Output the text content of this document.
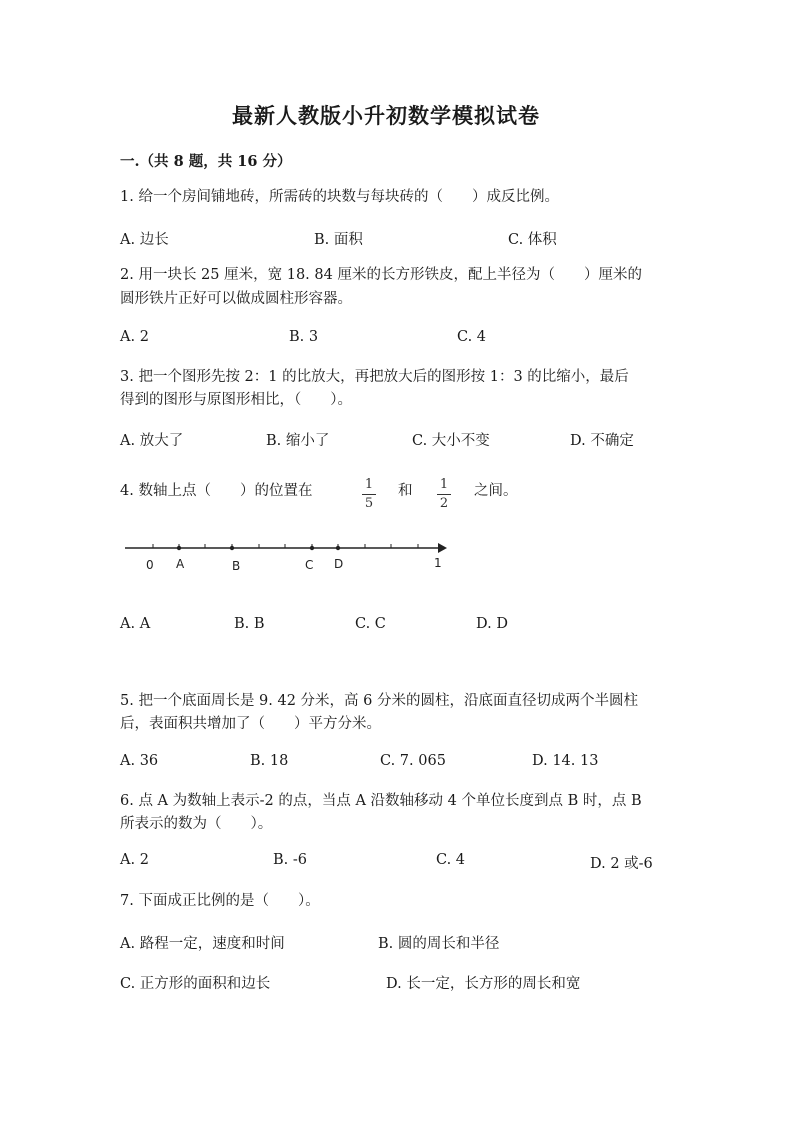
最新人教版小升初数学模拟试卷
一.（共 8 题，共 16 分）
1. 给一个房间铺地砖，所需砖的块数与每块砖的（　　）成反比例。
A. 边长	B. 面积	C. 体积
2. 用一块长 25 厘米，宽 18. 84 厘米的长方形铁皮，配上半径为（　　）厘米的
圆形铁片正好可以做成圆柱形容器。
A. 2	B. 3	C. 4
3. 把一个图形先按 2：1 的比放大，再把放大后的图形按 1：3 的比缩小，最后
得到的图形与原图形相比，（　　）。
A. 放大了	B. 缩小了	C. 大小不变	D. 不确定
4. 数轴上点（　　）的位置在	1
5
和 1
2
之间。
0 A	B	C D	1
A. A	B. B	C. C	D. D
5. 把一个底面周长是 9. 42 分米，高 6 分米的圆柱，沿底面直径切成两个半圆柱
后，表面积共增加了（　　）平方分米。
A. 36	B. 18	C. 7. 065	D. 14. 13
6. 点 A 为数轴上表示-2 的点，当点 A 沿数轴移动 4 个单位长度到点 B 时，点 B
所表示的数为（　　）。
A. 2	B. -6	C. 4	D. 2 或-6
7. 下面成正比例的是（　　）。
A. 路程一定，速度和时间	B. 圆的周长和半径
C. 正方形的面积和边长	D. 长一定，长方形的周长和宽
